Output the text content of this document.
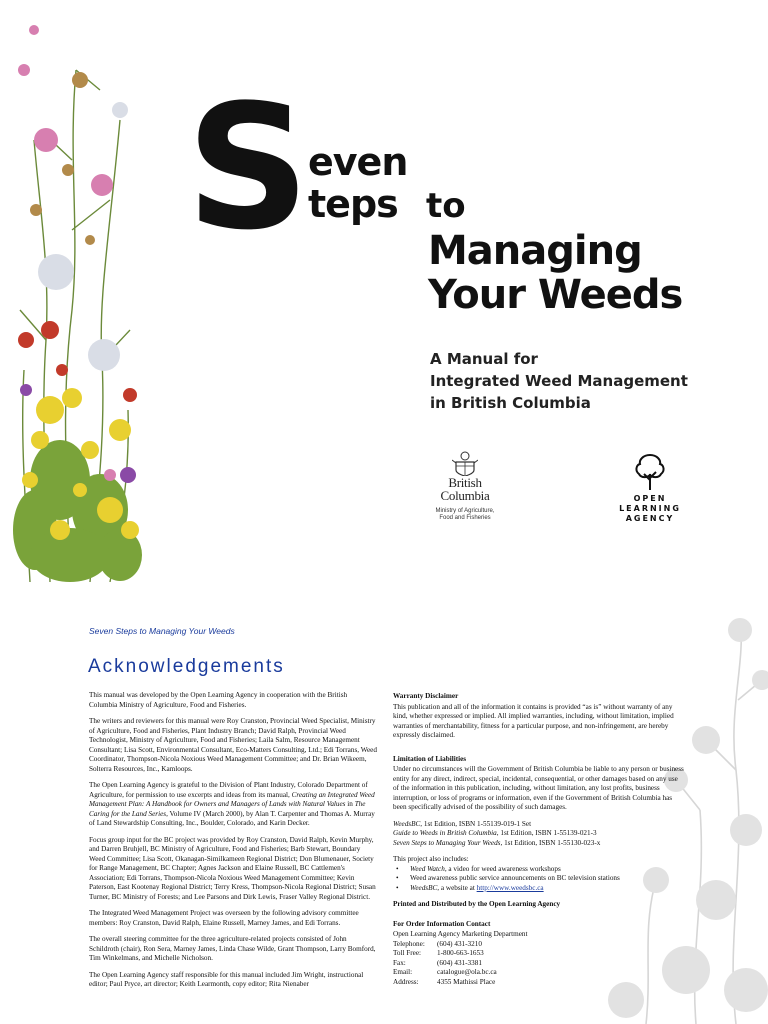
S even
teps to
Managing
Your Weeds
A Manual for
Integrated Weed Management
in British Columbia
British
Columbia
Ministry of Agriculture,
Food and Fisheries
OPEN
LEARNING
AGENCY
Seven Steps to Managing Your Weeds
Acknowledgements

This manual was developed by the Open Learning Agency in cooperation with the British Columbia Ministry of Agriculture, Food and Fisheries.

The writers and reviewers for this manual were Roy Cranston, Provincial Weed Specialist, Ministry of Agriculture, Food and Fisheries, Plant Industry Branch; David Ralph, Provincial Weed Technologist, Ministry of Agriculture, Food and Fisheries; Laila Salm, Resource Management Consultant; Lisa Scott, Environmental Consultant, Eco-Matters Consulting, Ltd.; Edi Torrans, Weed Coordinator, Thompson-Nicola Noxious Weed Management Committee; and Dr. Brian Wikeem, Solterra Resources, Inc., Kamloops.

The Open Learning Agency is grateful to the Division of Plant Industry, Colorado Department of Agriculture, for permission to use excerpts and ideas from its manual, Creating an Integrated Weed Management Plan: A Handbook for Owners and Managers of Lands with Natural Values in The Caring for the Land Series, Volume IV (March 2000), by Alan T. Carpenter and Thomas A. Murray of Land Stewardship Consulting, Inc., Boulder, Colorado, and Karin Decker.

Focus group input for the BC project was provided by Roy Cranston, David Ralph, Kevin Murphy, and Darren Bruhjell, BC Ministry of Agriculture, Food and Fisheries; Barb Stewart, Boundary Weed Committee; Lisa Scott, Okanagan-Similkameen Regional District; Don Blumenauer, Society for Range Management, BC Chapter; Agnes Jackson and Elaine Russell, BC Cattlemen's Association; Edi Torrans, Thompson-Nicola Noxious Weed Management Committee; Kevin Paterson, East Kootenay Regional District; Terry Kress, Thompson-Nicola Regional District; Susan Turner, BC Ministry of Forests; and Lee Parsons and Dirk Lewis, Fraser Valley Regional District.

The Integrated Weed Management Project was overseen by the following advisory committee members: Roy Cranston, David Ralph, Elaine Russell, Marney James, and Edi Torrans.

The overall steering committee for the three agriculture-related projects consisted of John Schildroth (chair), Ron Sera, Marney James, Linda Chase Wilde, Grant Thompson, Larry Bomford, Tim Winkelmans, and Michelle Nicholson.

The Open Learning Agency staff responsible for this manual included Jim Wright, instructional editor; Paul Pryce, art director; Keith Learmonth, copy editor; Rita Nienaber

Warranty Disclaimer

This publication and all of the information it contains is provided “as is” without warranty of any kind, whether expressed or implied. All implied warranties, including, without limitation, implied warranties of merchantability, fitness for a particular purpose, and non-infringement, are hereby expressly disclaimed.

Limitation of Liabilities

Under no circumstances will the Government of British Columbia be liable to any person or business entity for any direct, indirect, special, incidental, consequential, or other damages based on any use of the information in this publication, including, without limitation, any lost profits, business interruption, or loss of programs or information, even if the Government of British Columbia has been specifically advised of the possibility of such damages.

WeedsBC, 1st Edition, ISBN 1-55139-019-1 Set

Guide to Weeds in British Columbia, 1st Edition, ISBN 1-55139-021-3

Seven Steps to Managing Your Weeds, 1st Edition, ISBN 1-55130-023-x

This project also includes:
• Weed Watch, a video for weed awareness workshops
• Weed awareness public service announcements on BC television stations
• WeedsBC, a website at http://www.weedsbc.ca
Printed and Distributed by the Open Learning Agency
For Order Information Contact
Open Learning Agency Marketing Department
Telephone:	(604) 431-3210
Toll Free:	1-800-663-1653
Fax:	(604) 431-3381
Email:	catalogue@ola.bc.ca
Address:	4355 Mathissi Place
